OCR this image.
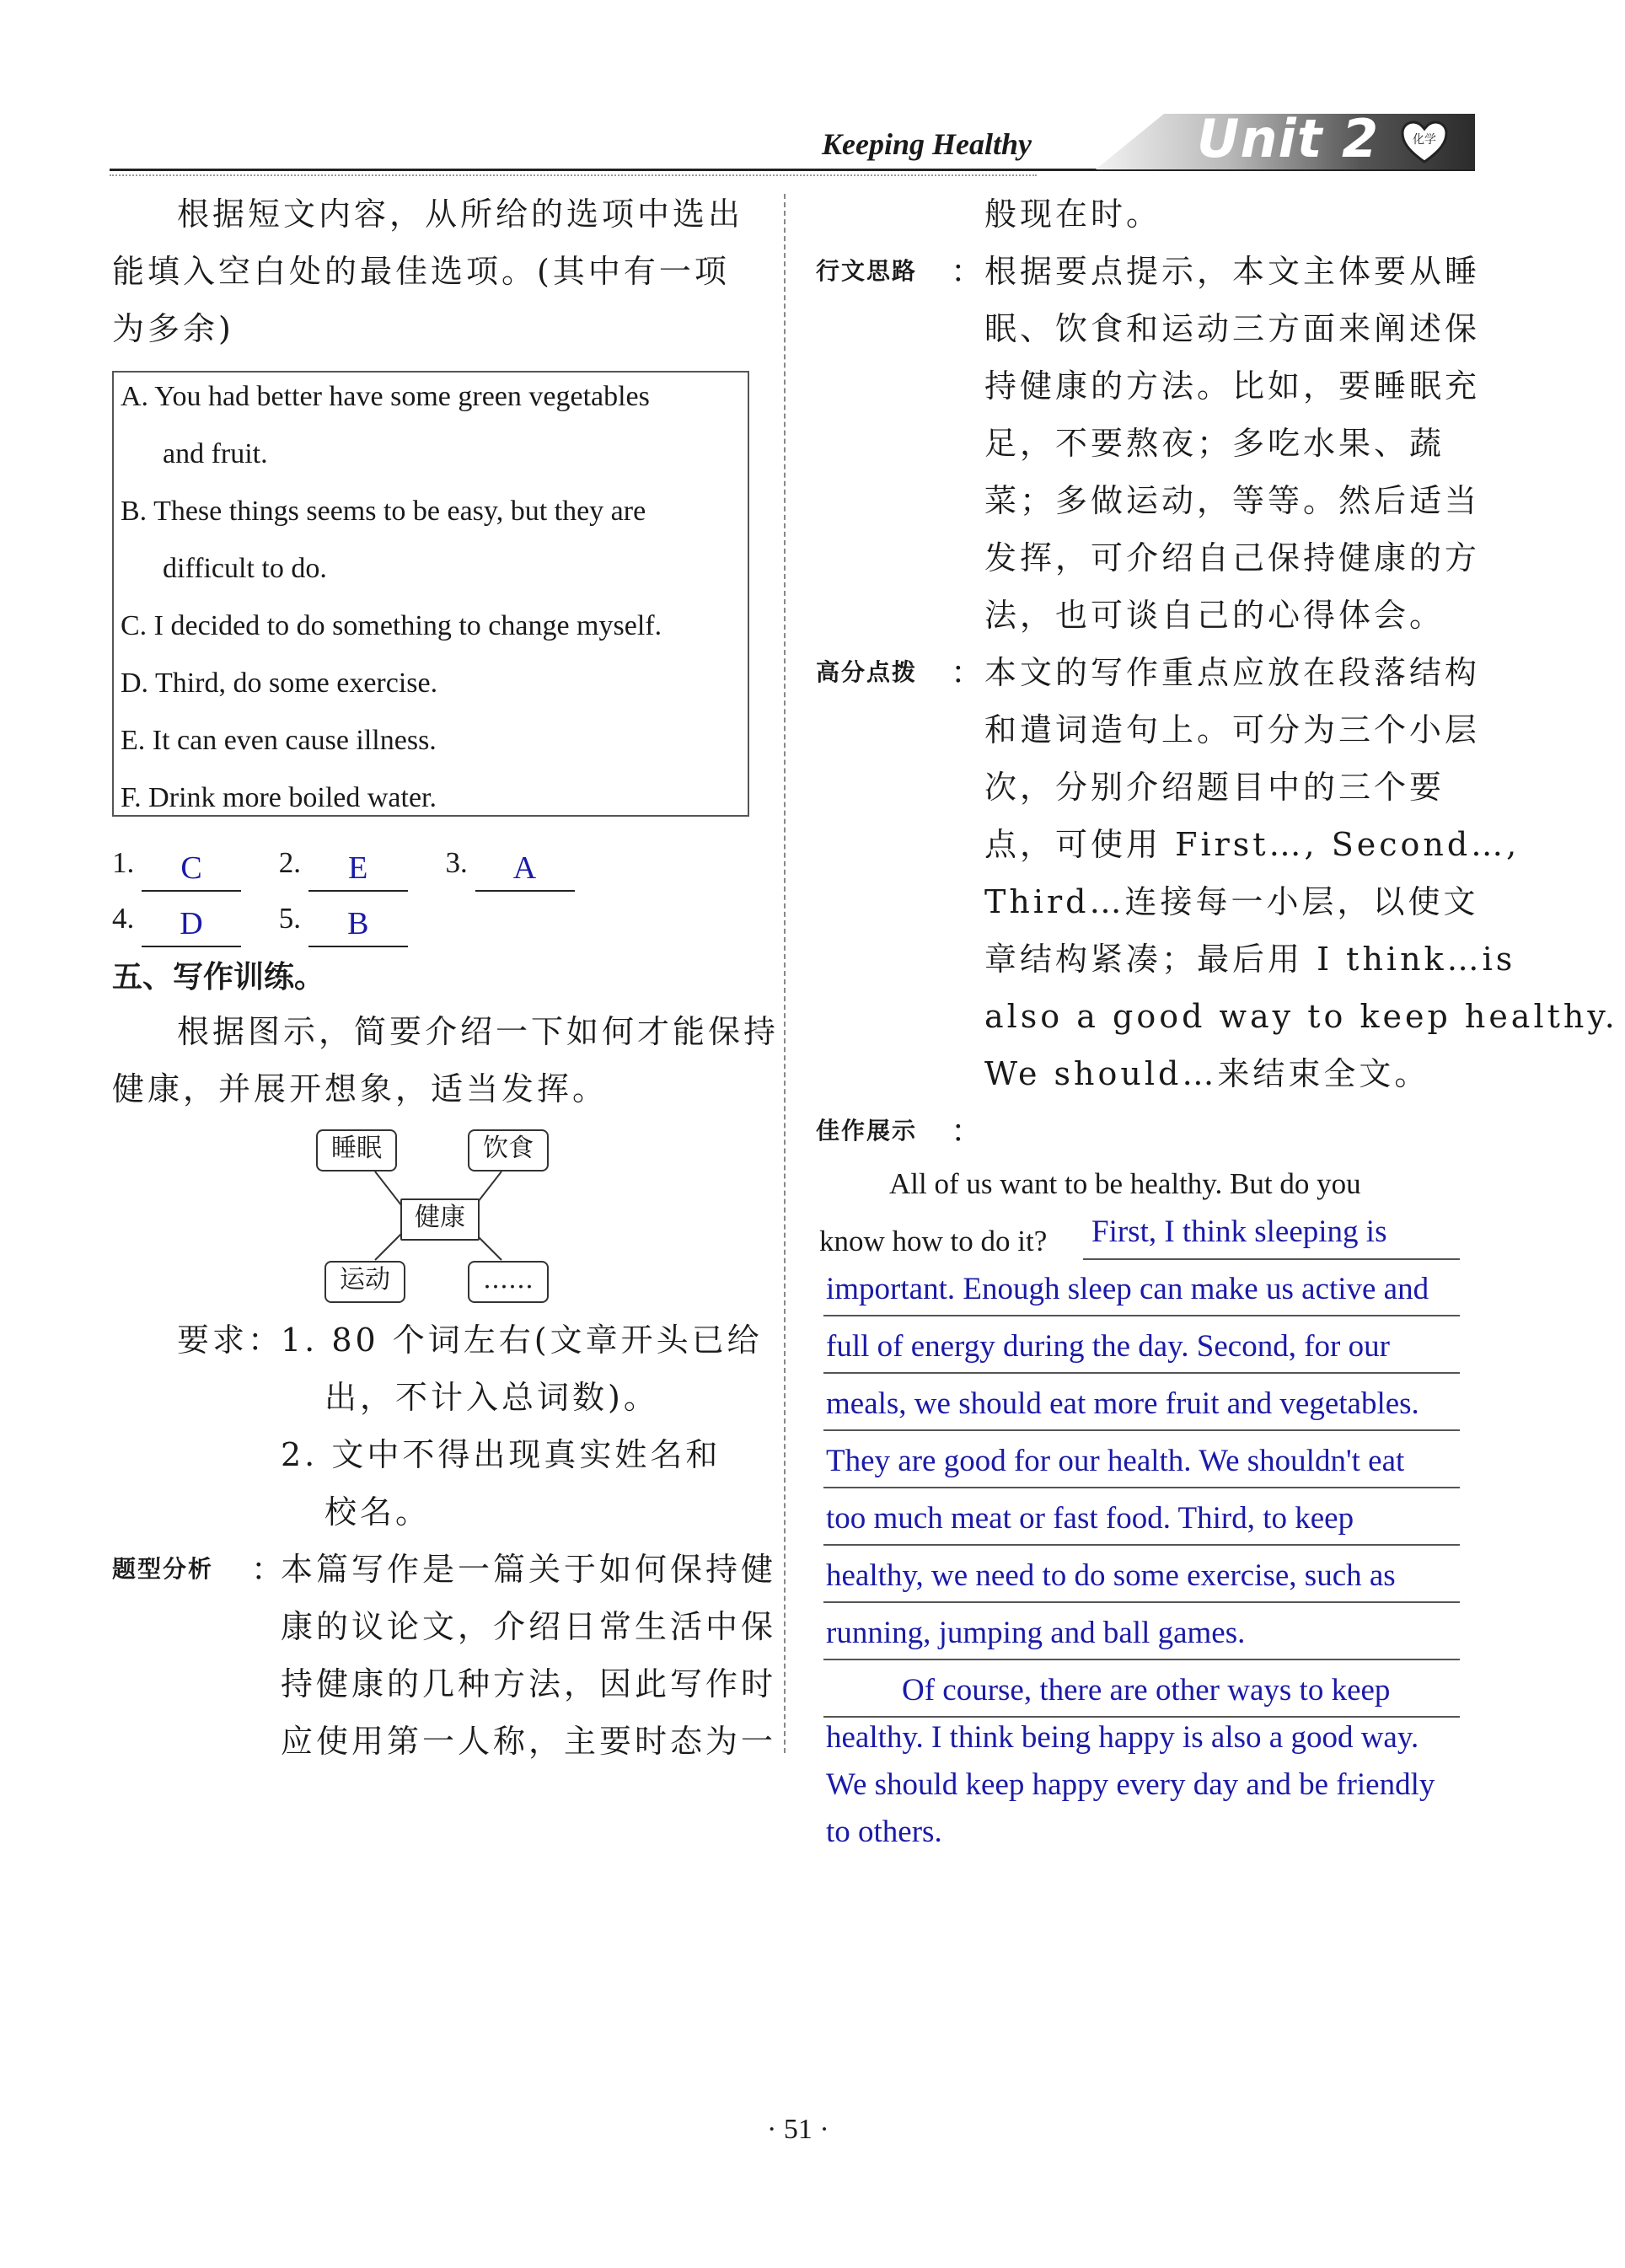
Keeping Healthy	Unit 2	化学
根据短文内容，从所给的选项中选出
能填入空白处的最佳选项。(其中有一项
为多余)
A. You had better have some green vegetables
and fruit.
B. These things seems to be easy, but they are
difficult to do.
C. I decided to do something to change myself.
D. Third, do some exercise.
E. It can even cause illness.
F. Drink more boiled water.
1. C	2. E	3. A
4. D	5. B
五、写作训练。
根据图示，简要介绍一下如何才能保持
健康，并展开想象，适当发挥。
睡眠	饮食
健康
运动	……
要求：
1. 80 个词左右(文章开头已给
出，不计入总词数)。
2. 文中不得出现真实姓名和
校名。
题型分析 ：
本篇写作是一篇关于如何保持健
康的议论文，介绍日常生活中保
持健康的几种方法，因此写作时
应使用第一人称，主要时态为一
般现在时。
行文思路 ：
根据要点提示，本文主体要从睡
眠、饮食和运动三方面来阐述保
持健康的方法。比如，要睡眠充
足，不要熬夜；多吃水果、蔬
菜；多做运动，等等。然后适当
发挥，可介绍自己保持健康的方
法，也可谈自己的心得体会。
高分点拨 ：
本文的写作重点应放在段落结构
和遣词造句上。可分为三个小层
次，分别介绍题目中的三个要
点，可使用 First…, Second…,
Third…连接每一小层，以使文
章结构紧凑；最后用 I think…is
also a good way to keep healthy.
We should…来结束全文。
佳作展示 ：
All of us want to be healthy. But do you
know how to do it? First, I think sleeping is
important. Enough sleep can make us active and
full of energy during the day. Second, for our
meals, we should eat more fruit and vegetables.
They are good for our health. We shouldn't eat
too much meat or fast food. Third, to keep
healthy, we need to do some exercise, such as
running, jumping and ball games.
Of course, there are other ways to keep
healthy. I think being happy is also a good way.
We should keep happy every day and be friendly
to others.
· 51 ·
